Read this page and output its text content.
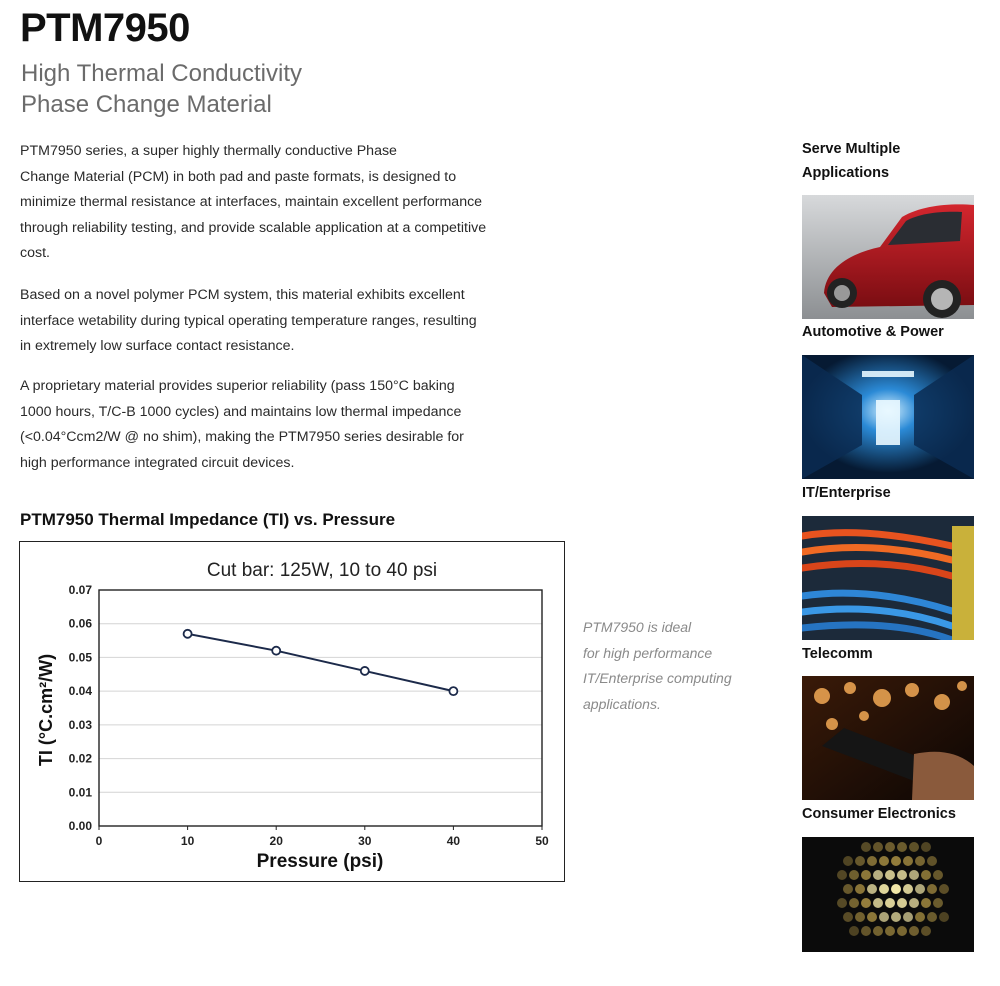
PTM7950
High Thermal Conductivity
Phase Change Material
PTM7950 series, a super highly thermally conductive Phase
Change Material (PCM) in both pad and paste formats, is designed to
minimize thermal resistance at interfaces, maintain excellent performance
through reliability testing, and provide scalable application at a competitive
cost.
Based on a novel polymer PCM system, this material exhibits excellent
interface wetability during typical operating temperature ranges, resulting
in extremely low surface contact resistance.
A proprietary material provides superior reliability (pass 150°C baking
1000 hours, T/C-B 1000 cycles) and maintains low thermal impedance
(<0.04°Ccm2/W @ no shim), making the PTM7950 series desirable for
high performance integrated circuit devices.
PTM7950 Thermal Impedance (TI) vs. Pressure
Cut bar: 125W, 10 to 40 psi
0.00
0.01
0.02
0.03
0.04
0.05
0.06
0.07
0	10	20	30	40	50
Pressure (psi)
TI (°C.cm²/W)
PTM7950 is ideal
for high performance
IT/Enterprise computing
applications.
Serve Multiple
Applications
Automotive & Power
IT/Enterprise
Telecomm
Consumer Electronics
